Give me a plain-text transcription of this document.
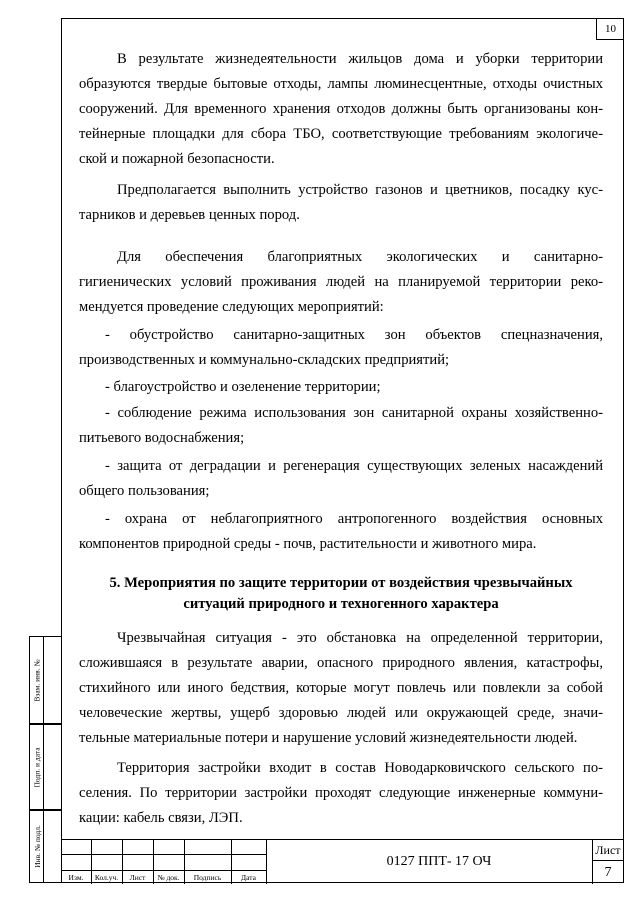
10

В результате жизнедеятельности жильцов дома и уборки территории

образуются твердые бытовые отходы, лампы люминесцентные, отходы очистных

сооружений. Для временного хранения отходов должны быть организованы кон-

тейнерные площадки для сбора ТБО, соответствующие требованиям экологиче-

ской и пожарной безопасности.

Предполагается выполнить устройство газонов и цветников, посадку кус-

тарников и деревьев ценных пород.

Для обеспечения благоприятных экологических и санитарно-

гигиенических условий проживания людей на планируемой территории реко-

мендуется проведение следующих мероприятий:

- обустройство санитарно-защитных зон объектов спецназначения,

производственных и коммунально-складских предприятий;

- благоустройство и озеленение территории;

- соблюдение режима использования зон санитарной охраны хозяйственно-

питьевого водоснабжения;

- защита от деградации и регенерация существующих зеленых насаждений

общего пользования;

- охрана от неблагоприятного антропогенного воздействия основных

компонентов природной среды - почв, растительности и животного мира.

5. Мероприятия по защите территории от воздействия чрезвычайных
ситуаций природного и техногенного характера

Чрезвычайная ситуация - это обстановка на определенной территории,

сложившаяся в результате аварии, опасного природного явления, катастрофы,

стихийного или иного бедствия, которые могут повлечь или повлекли за собой

человеческие жертвы, ущерб здоровью людей или окружающей среде, значи-

тельные материальные потери и нарушение условий жизнедеятельности людей.

Территория застройки входит в состав Новодарковичского сельского по-

селения. По территории застройки проходят следующие инженерные коммуни-

кации: кабель связи, ЛЭП.

Взам. инв. №
Подп. и дата
Инв. № подл.
Изм.	Кол.уч.	Лист	№ док.	Подпись	Дата
0127 ППТ- 17 ОЧ
Лист
7
